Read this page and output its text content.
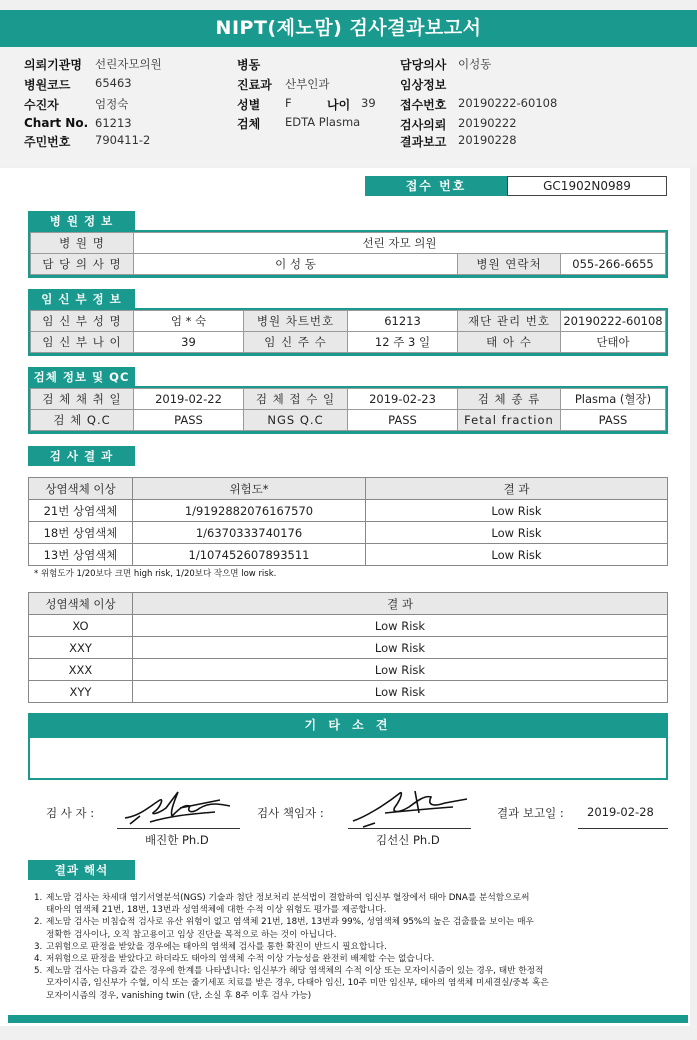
NIPT(제노맘) 검사결과보고서
의뢰기관명 선린자모의원
병원코드 65463
수진자	엄정숙
Chart No. 61213
주민번호 790411-2
병동
진료과 산부인과
성별 F	나이 39
검체 EDTA Plasma
담당의사 이성동
임상정보
접수번호 20190222-60108
검사의뢰 20190222
결과보고 20190228
접수 번호	GC1902N0989
병 원 정 보
병 원 명	선린 자모 의원		
담 당 의 사 명	이 성 동	병원 연락처	055-266-6655
임 신 부 정 보
임 신 부 성 명	엄 * 숙	병원 차트번호	61213	재단 관리 번호	20190222-60108
임 신 부 나 이	39	임 신 주 수	12 주 3 일	태 아 수	단태아
검체 정보 및 QC
검 체 채 취 일	2019-02-22	검 체 접 수 일	2019-02-23	검 체 종 류	Plasma (혈장)
검 체 Q.C	PASS	NGS Q.C	PASS	Fetal fraction	PASS
검 사 결 과
상염색체 이상	위험도*	결 과
21번 상염색체	1/9192882076167570	Low Risk
18번 상염색체	1/6370333740176	Low Risk
13번 상염색체	1/107452607893511	Low Risk
* 위험도가 1/20보다 크면 high risk, 1/20보다 작으면 low risk.
성염색체 이상	결 과
XO	Low Risk
XXY	Low Risk
XXX	Low Risk
XYY	Low Risk
기 타 소 견
검 사 자 :
배진한 Ph.D
검사 책임자 :
김선신 Ph.D
결과 보고일 : 2019-02-28
결과 해석
1. 제노맘 검사는 차세대 염기서열분석(NGS) 기술과 첨단 정보처리 분석법이 결합하여 임신부 혈장에서 태아 DNA를 분석함으로써
태아의 염색체 21번, 18번, 13번과 성염색체에 대한 수적 이상 위험도 평가를 제공합니다.
2. 제노맘 검사는 비침습적 검사로 유산 위험이 없고 염색체 21번, 18번, 13번과 99%, 성염색체 95%의 높은 검출률을 보이는 매우
정확한 검사이나, 오직 참고용이고 임상 진단을 목적으로 하는 것이 아닙니다.
3. 고위험으로 판정을 받았을 경우에는 태아의 염색체 검사를 통한 확진이 반드시 필요합니다.
4. 저위험으로 판정을 받았다고 하더라도 태아의 염색체 수적 이상 가능성을 완전히 배제할 수는 없습니다.
5. 제노맘 검사는 다음과 같은 경우에 한계를 나타냅니다: 임신부가 해당 염색체의 수적 이상 또는 모자이시즘이 있는 경우, 태반 한정적
모자이시즘, 임신부가 수혈, 이식 또는 줄기세포 치료를 받은 경우, 다태아 임신, 10주 미만 임신부, 태아의 염색체 미세결실/중복 혹은
모자이시즘의 경우, vanishing twin (단, 소실 후 8주 이후 검사 가능)
